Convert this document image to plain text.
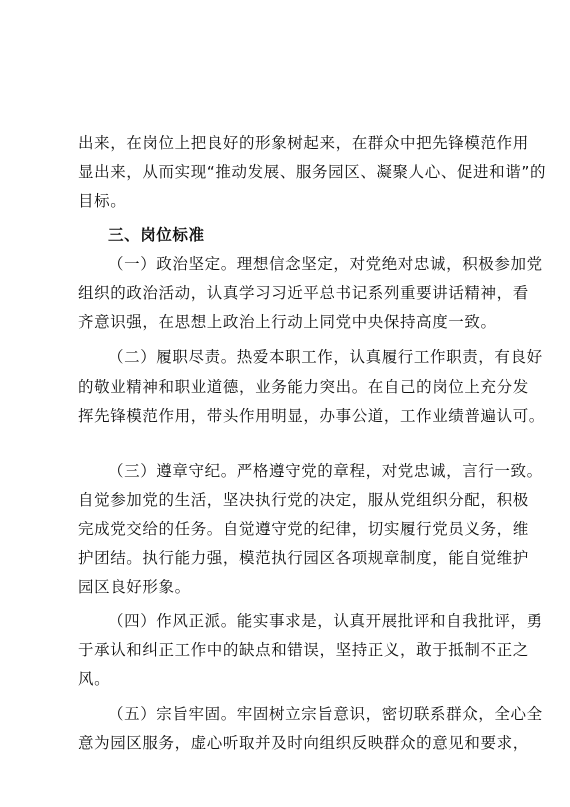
出来，在岗位上把良好的形象树起来，在群众中把先锋模范作用
显出来，从而实现“推动发展、服务园区、凝聚人心、促进和谐”的
目标。
三、岗位标准
（一）政治坚定。理想信念坚定，对党绝对忠诚，积极参加党
组织的政治活动，认真学习习近平总书记系列重要讲话精神，看
齐意识强，在思想上政治上行动上同党中央保持高度一致。
（二）履职尽责。热爱本职工作，认真履行工作职责，有良好
的敬业精神和职业道德，业务能力突出。在自己的岗位上充分发
挥先锋模范作用，带头作用明显，办事公道，工作业绩普遍认可。
（三）遵章守纪。严格遵守党的章程，对党忠诚，言行一致。
自觉参加党的生活，坚决执行党的决定，服从党组织分配，积极
完成党交给的任务。自觉遵守党的纪律，切实履行党员义务，维
护团结。执行能力强，模范执行园区各项规章制度，能自觉维护
园区良好形象。
（四）作风正派。能实事求是，认真开展批评和自我批评，勇
于承认和纠正工作中的缺点和错误，坚持正义，敢于抵制不正之
风。
（五）宗旨牢固。牢固树立宗旨意识，密切联系群众，全心全
意为园区服务，虚心听取并及时向组织反映群众的意见和要求，
